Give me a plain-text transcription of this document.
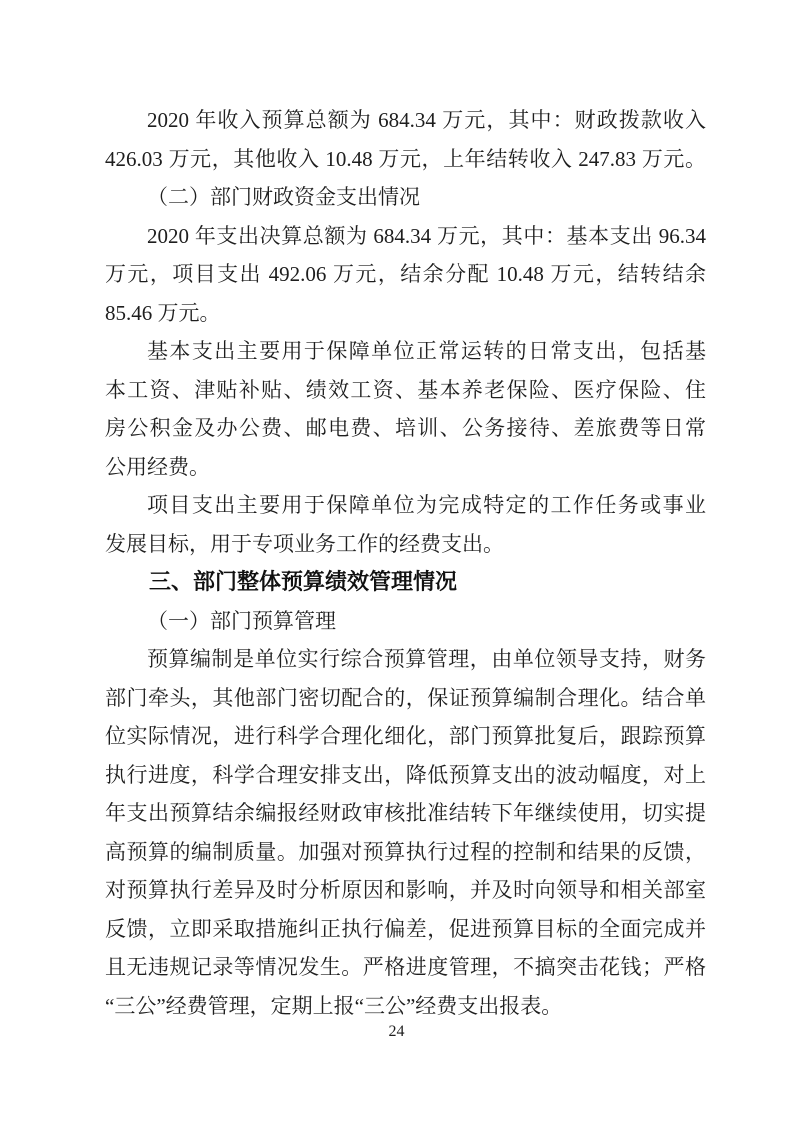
2020 年收入预算总额为 684.34 万元，其中：财政拨款收入
426.03 万元，其他收入 10.48 万元，上年结转收入 247.83 万元。
（二）部门财政资金支出情况
2020 年支出决算总额为 684.34 万元，其中：基本支出 96.34
万元，项目支出 492.06 万元，结余分配 10.48 万元，结转结余
85.46 万元。
基本支出主要用于保障单位正常运转的日常支出，包括基
本工资、津贴补贴、绩效工资、基本养老保险、医疗保险、住
房公积金及办公费、邮电费、培训、公务接待、差旅费等日常
公用经费。
项目支出主要用于保障单位为完成特定的工作任务或事业
发展目标，用于专项业务工作的经费支出。
三、部门整体预算绩效管理情况
（一）部门预算管理
预算编制是单位实行综合预算管理，由单位领导支持，财务
部门牵头，其他部门密切配合的，保证预算编制合理化。结合单
位实际情况，进行科学合理化细化，部门预算批复后，跟踪预算
执行进度，科学合理安排支出，降低预算支出的波动幅度，对上
年支出预算结余编报经财政审核批准结转下年继续使用，切实提
高预算的编制质量。加强对预算执行过程的控制和结果的反馈，
对预算执行差异及时分析原因和影响，并及时向领导和相关部室
反馈，立即采取措施纠正执行偏差，促进预算目标的全面完成并
且无违规记录等情况发生。严格进度管理，不搞突击花钱；严格
“三公”经费管理，定期上报“三公”经费支出报表。
24
